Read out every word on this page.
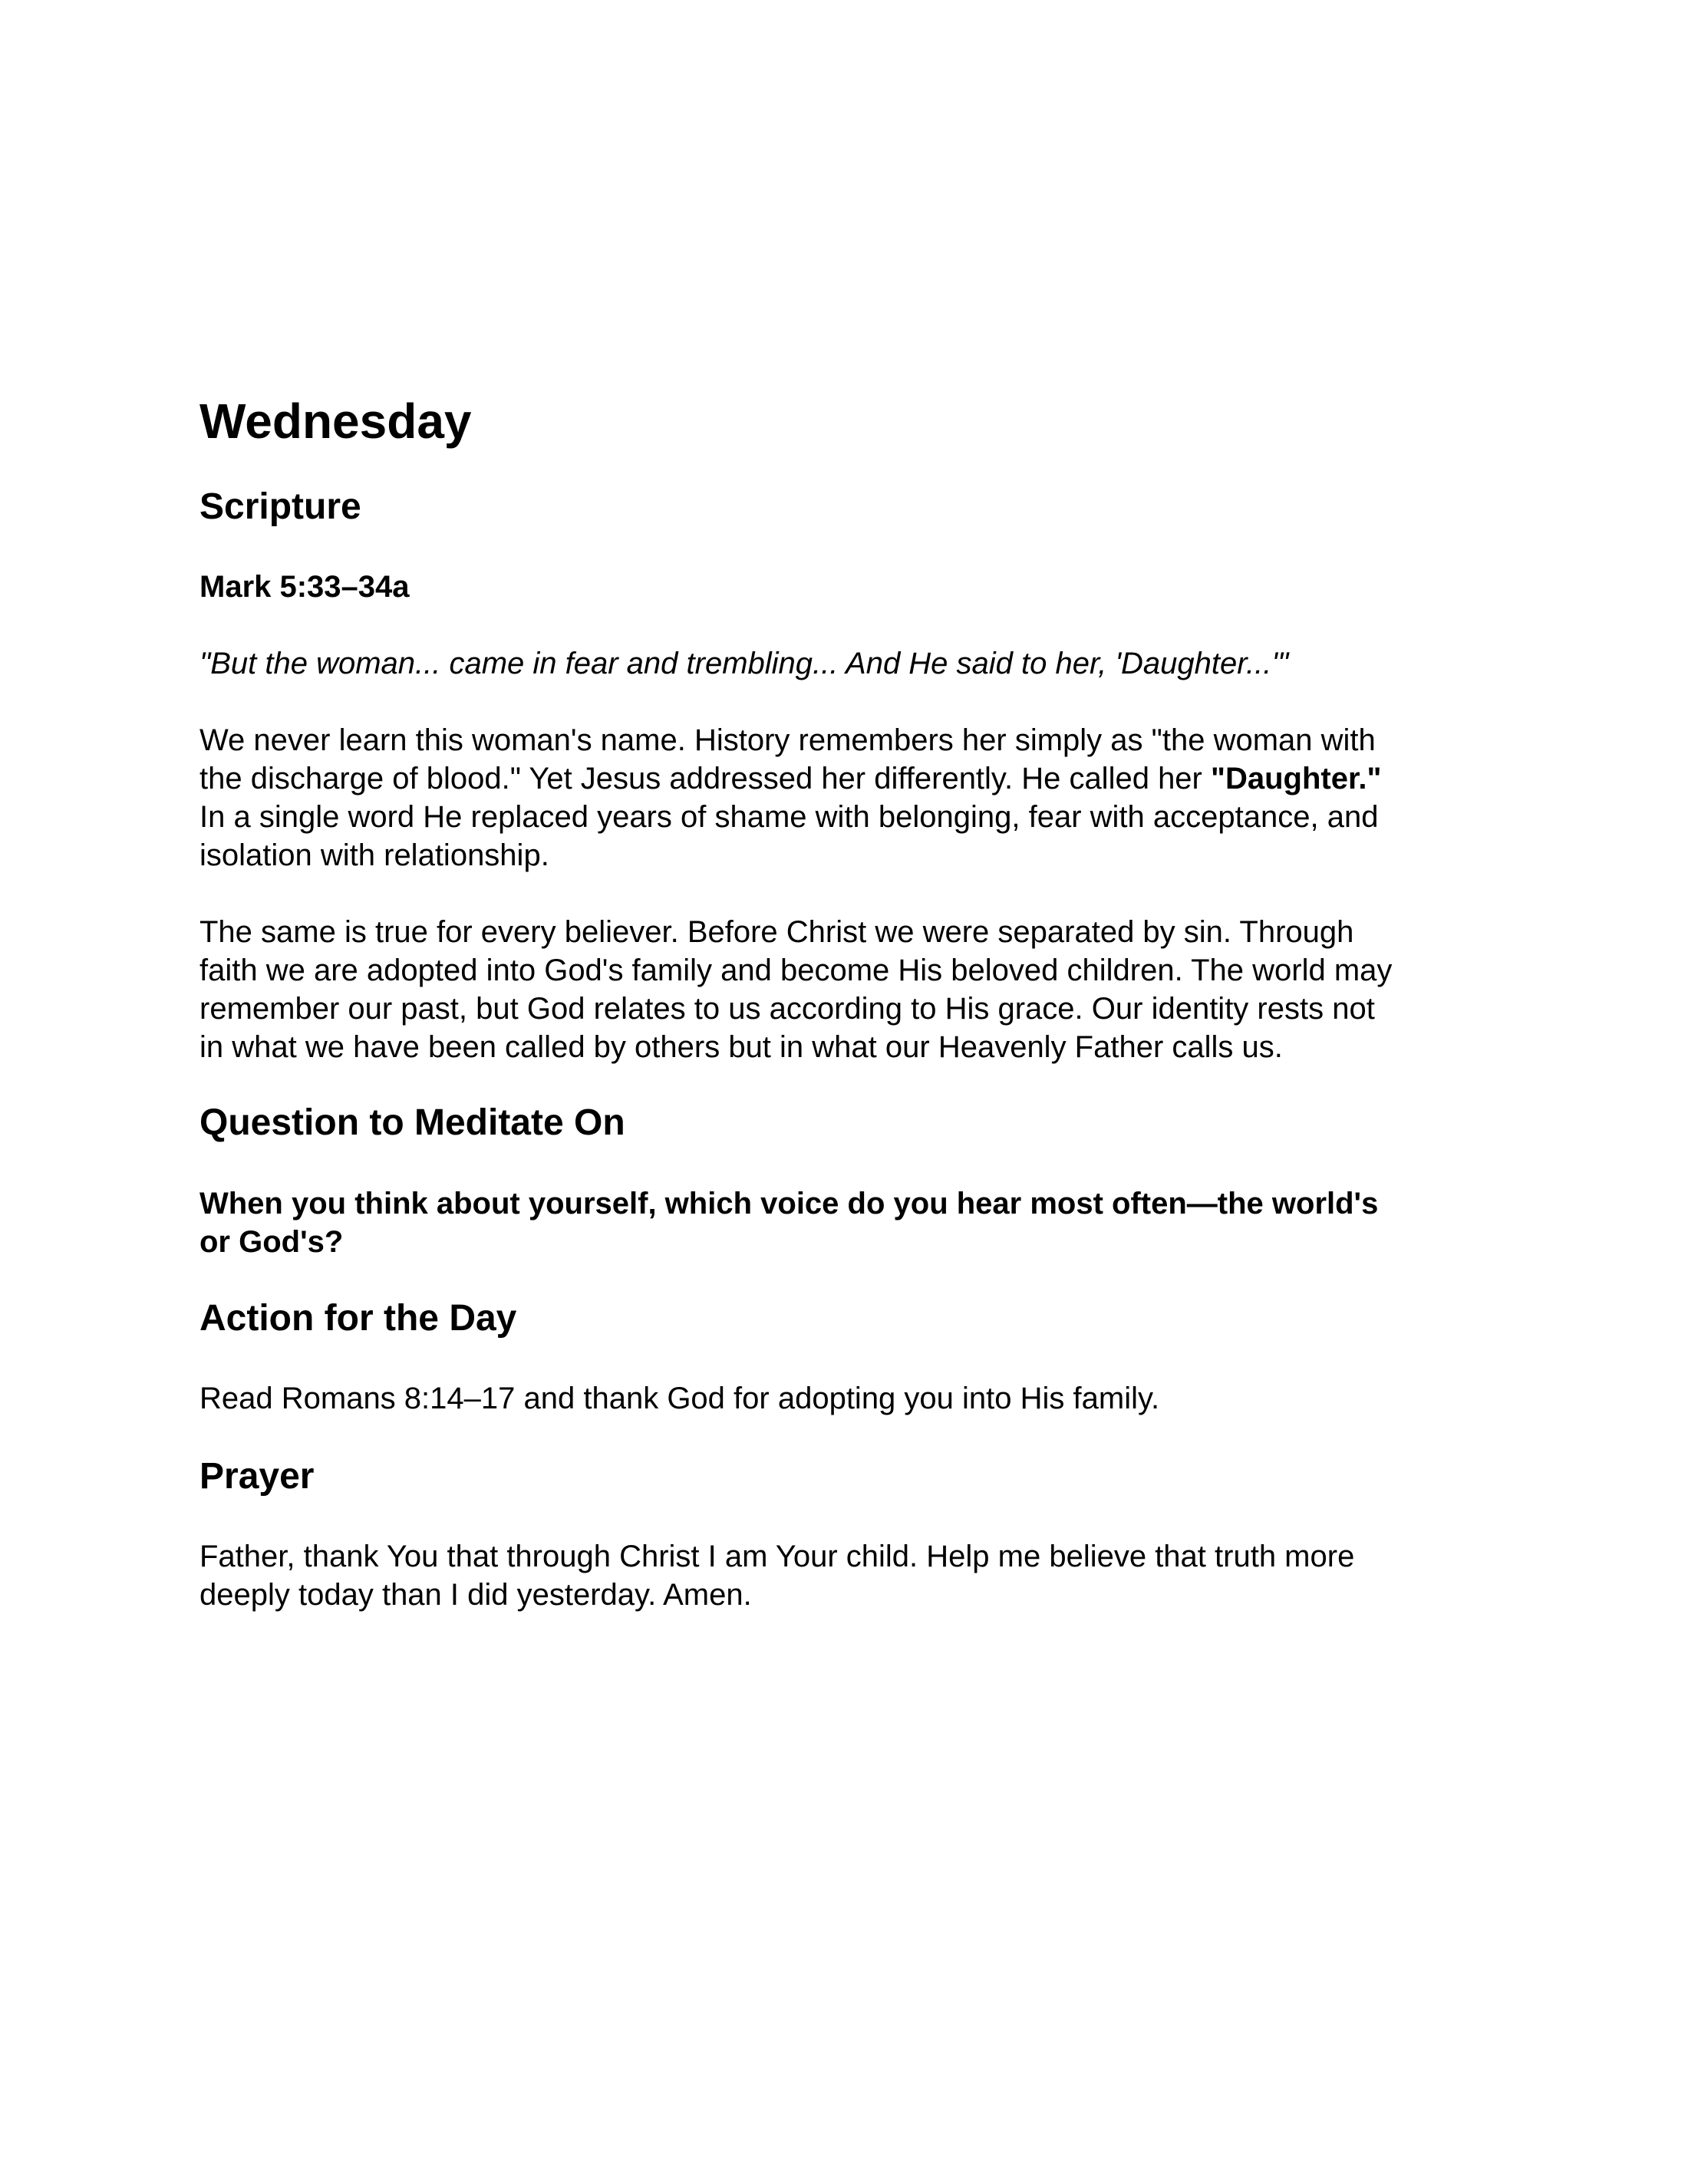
Wednesday
Scripture

Mark 5:33–34a

"But the woman... came in fear and trembling... And He said to her, 'Daughter...'"

We never learn this woman's name. History remembers her simply as "the woman with
the discharge of blood." Yet Jesus addressed her differently. He called her "Daughter."
In a single word He replaced years of shame with belonging, fear with acceptance, and
isolation with relationship.
The same is true for every believer. Before Christ we were separated by sin. Through
faith we are adopted into God's family and become His beloved children. The world may
remember our past, but God relates to us according to His grace. Our identity rests not
in what we have been called by others but in what our Heavenly Father calls us.
Question to Meditate On
When you think about yourself, which voice do you hear most often—the world's
or God's?
Action for the Day

Read Romans 8:14–17 and thank God for adopting you into His family.

Prayer
Father, thank You that through Christ I am Your child. Help me believe that truth more
deeply today than I did yesterday. Amen.
